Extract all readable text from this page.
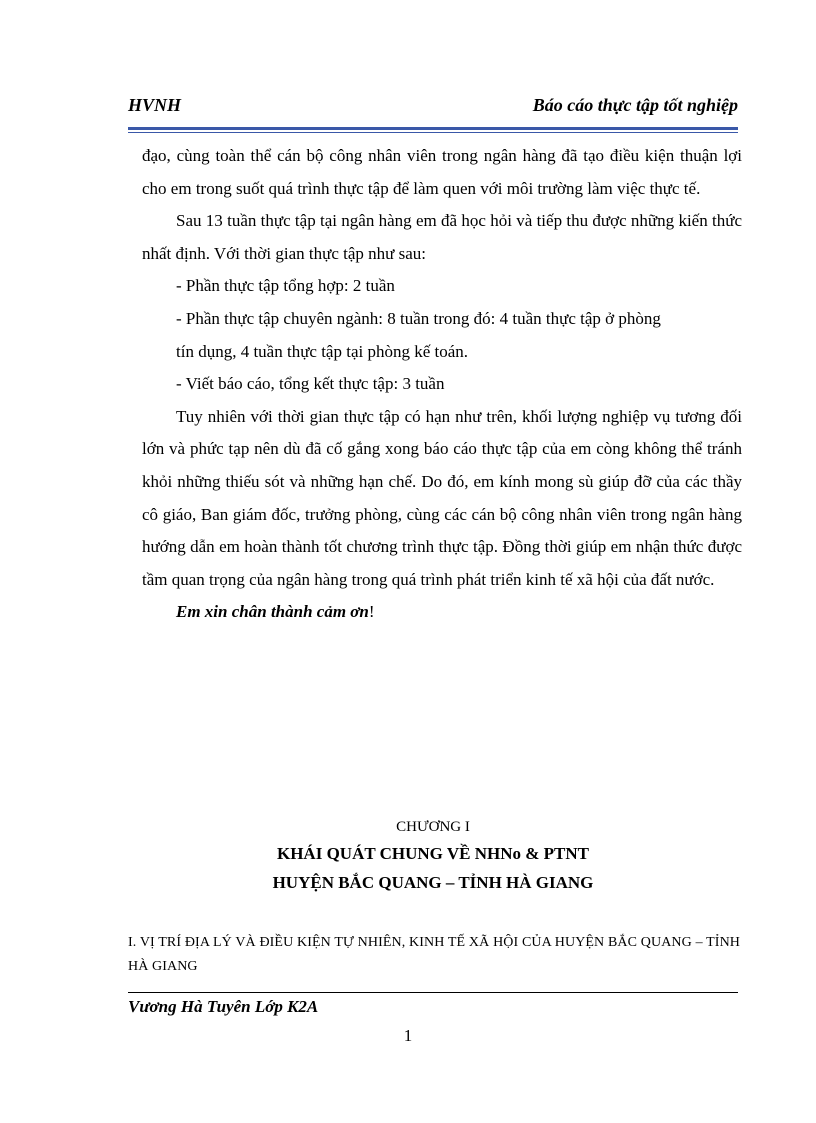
HVNH	Báo cáo thực tập tốt nghiệp

đạo, cùng toàn thể cán bộ công nhân viên trong ngân hàng đã tạo điều kiện thuận lợi cho em trong suốt quá trình thực tập để làm quen với môi trường làm việc thực tế.

Sau 13 tuần thực tập tại ngân hàng em đã học hỏi và tiếp thu được những kiến thức nhất định. Với thời gian thực tập như sau:

- Phần thực tập tổng hợp: 2 tuần

- Phần thực tập chuyên ngành: 8 tuần trong đó: 4 tuần thực tập ở phòng

tín dụng, 4 tuần thực tập tại phòng kế toán.

- Viết báo cáo, tổng kết thực tập: 3 tuần

Tuy nhiên với thời gian thực tập có hạn như trên, khối lượng nghiệp vụ tương đối lớn và phức tạp nên dù đã cố gắng xong báo cáo thực tập của em còng không thể tránh khỏi những thiếu sót và những hạn chế. Do đó, em kính mong sù giúp đỡ của các thầy cô giáo, Ban giám đốc, trưởng phòng, cùng các cán bộ công nhân viên trong ngân hàng hướng dẫn em hoàn thành tốt chương trình thực tập. Đồng thời giúp em nhận thức được tầm quan trọng của ngân hàng trong quá trình phát triển kinh tế xã hội của đất nước.

Em xin chân thành cảm ơn!

CHƯƠNG I
KHÁI QUÁT CHUNG VỀ NHNo & PTNT
HUYỆN BẮC QUANG – TỈNH HÀ GIANG
I. VỊ TRÍ ĐỊA LÝ VÀ ĐIỀU KIỆN TỰ NHIÊN, KINH TẾ XÃ HỘI CỦA HUYỆN BẮC QUANG – TỈNH HÀ GIANG
Vương Hà Tuyên Lớp K2A
1
